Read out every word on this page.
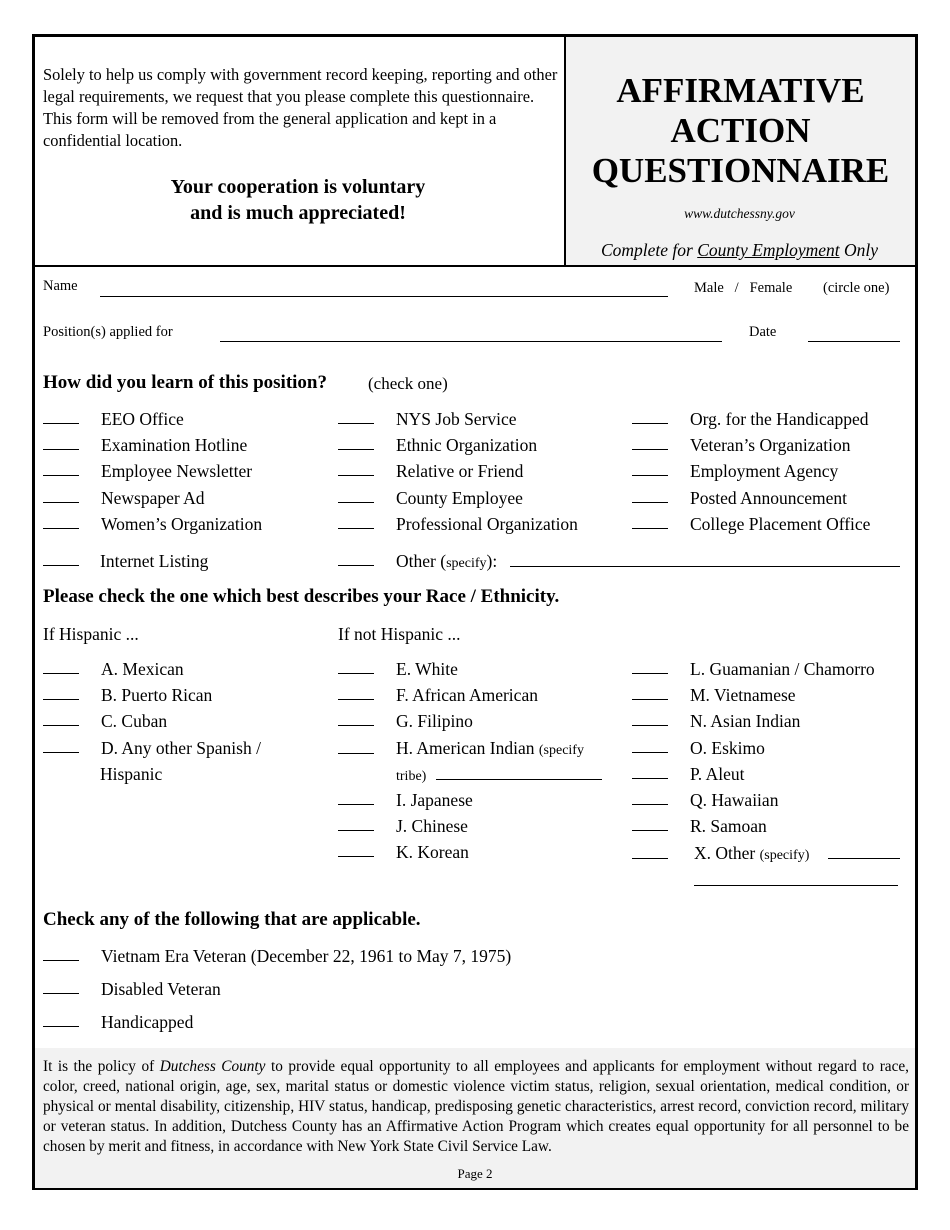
Solely to help us comply with government record keeping, reporting and other legal requirements, we request that you please complete this questionnaire. This form will be removed from the general application and kept in a confidential location.
Your cooperation is voluntary
and is much appreciated!
AFFIRMATIVE
ACTION
QUESTIONNAIRE
www.dutchessny.gov
Complete for County Employment Only
Name	Male   /   Female (circle one)
Position(s) applied for	Date
How did you learn of this position? (check one)
EEO Office
Examination Hotline
Employee Newsletter
Newspaper Ad
Women’s Organization
NYS Job Service
Ethnic Organization
Relative or Friend
County Employee
Professional Organization
Org. for the Handicapped
Veteran’s Organization
Employment Agency
Posted Announcement
College Placement Office
Internet Listing	Other (specify):
Please check the one which best describes your Race / Ethnicity.
If Hispanic ...	If not Hispanic ...
A. Mexican
B. Puerto Rican
C. Cuban
D. Any other Spanish /
E. White
F. African American
G. Filipino
I. Japanese
J. Chinese
K. Korean
L. Guamanian / Chamorro
M. Vietnamese
N. Asian Indian
O. Eskimo
P. Aleut
Q. Hawaiian
R. Samoan
Hispanic
H. American Indian (specify
tribe)
X. Other (specify)
Check any of the following that are applicable.
Vietnam Era Veteran (December 22, 1961 to May 7, 1975)
Disabled Veteran
Handicapped
It is the policy of Dutchess County to provide equal opportunity to all employees and applicants for employment without regard to race, color, creed, national origin, age, sex, marital status or domestic violence victim status, religion, sexual orientation, medical condition, or physical or mental disability, citizenship, HIV status, handicap, predisposing genetic characteristics, arrest record, conviction record, military or veteran status. In addition, Dutchess County has an Affirmative Action Program which creates equal opportunity for all personnel to be chosen by merit and fitness, in accordance with New York State Civil Service Law.
Page 2
